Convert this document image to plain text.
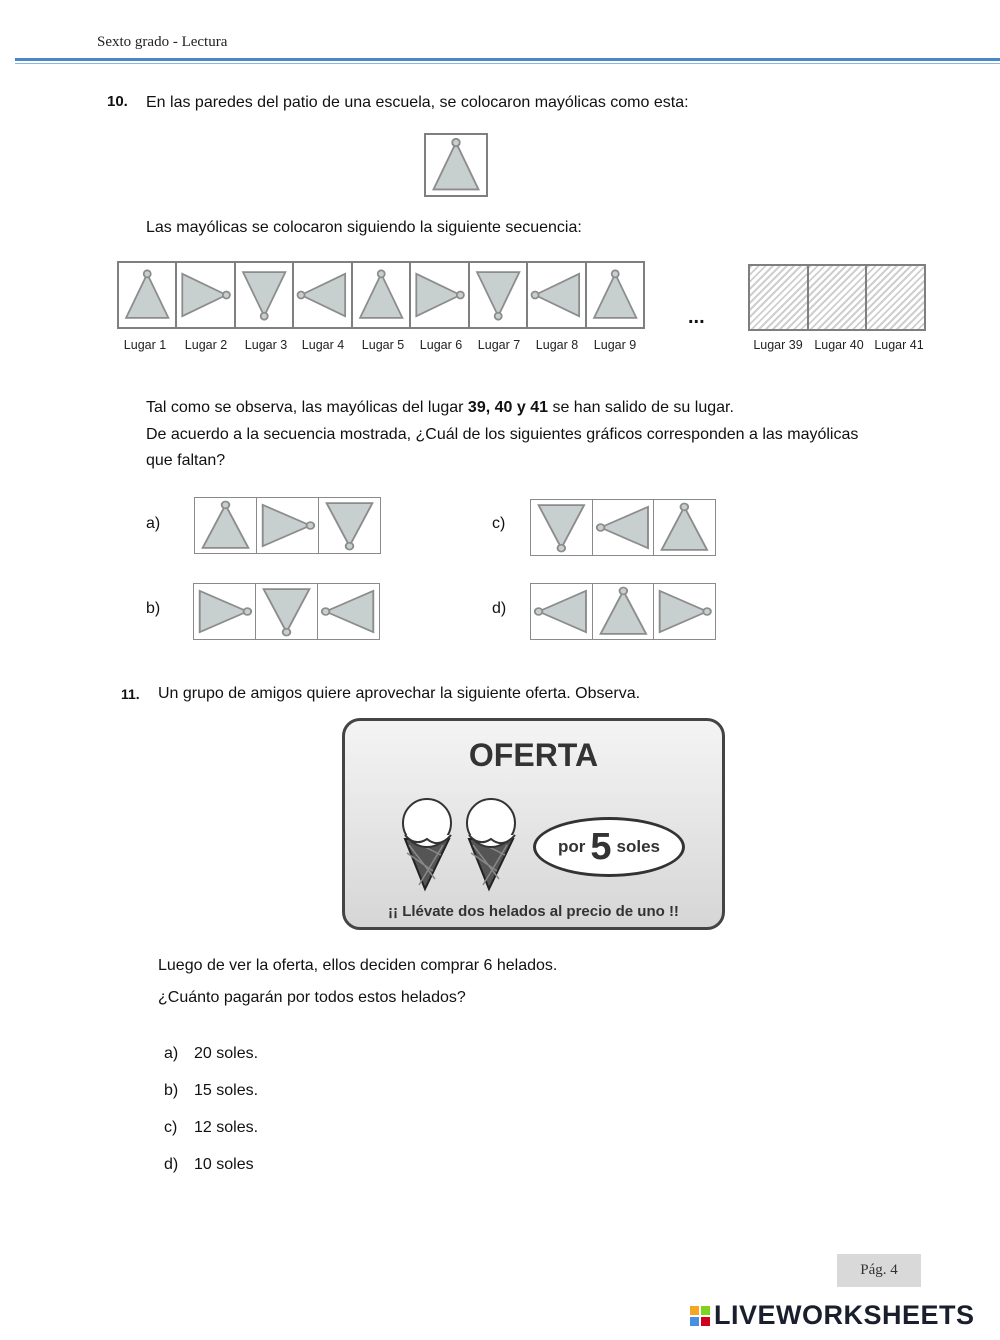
Sexto grado - Lectura
10. En las paredes del patio de una escuela, se colocaron mayólicas como esta:
Las mayólicas se colocaron siguiendo la siguiente secuencia:
Lugar 1	Lugar 2	Lugar 3	Lugar 4	Lugar 5	Lugar 6	Lugar 7	Lugar 8	Lugar 9
...
Lugar 39 Lugar 40 Lugar 41
Tal como se observa, las mayólicas del lugar 39, 40 y 41 se han salido de su lugar.
De acuerdo a la secuencia mostrada, ¿Cuál de los siguientes gráficos corresponden a las mayólicas
que faltan?
a)	c)
b)	d)
11. Un grupo de amigos quiere aprovechar la siguiente oferta. Observa.
OFERTA
por 5 soles
¡¡ Llévate dos helados al precio de uno !!
Luego de ver la oferta, ellos deciden comprar 6 helados.
¿Cuánto pagarán por todos estos helados?
a) 20 soles.
b) 15 soles.
c) 12 soles.
d) 10 soles
Pág. 4
LIVEWORKSHEETS
